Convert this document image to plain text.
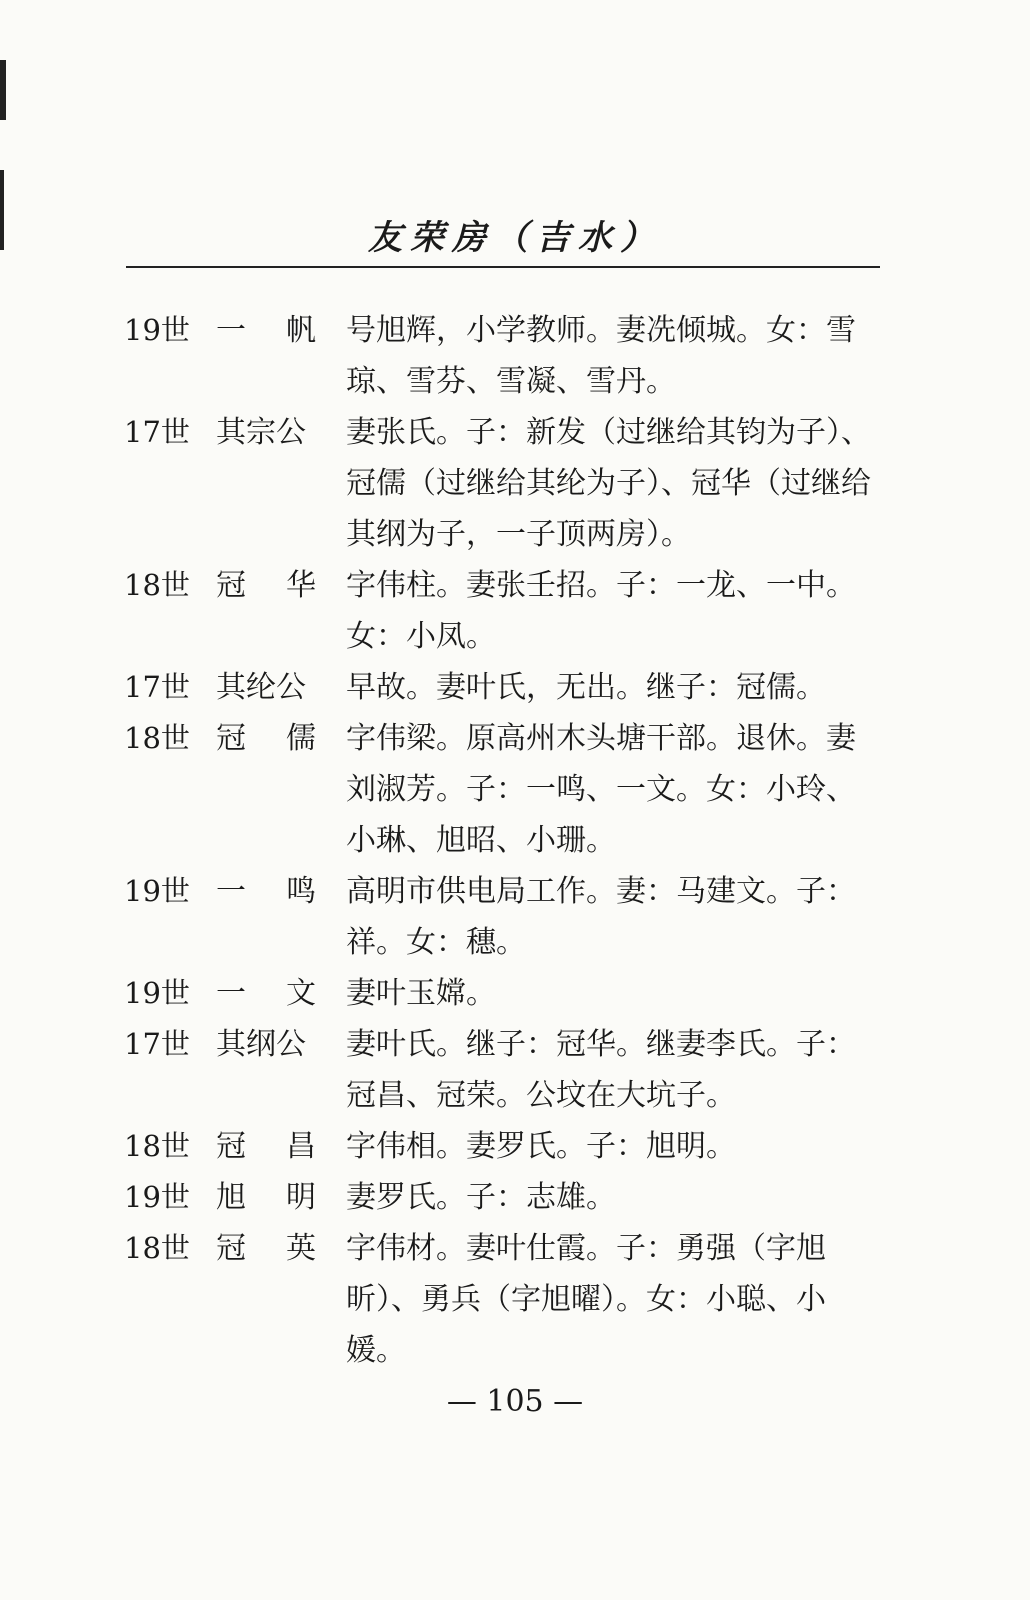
友荣房（吉水）
19世 一 帆 号旭辉，小学教师。妻冼倾城。女：雪琼、雪芬、雪凝、雪丹。
17世 其宗公 妻张氏。子：新发（过继给其钧为子）、冠儒（过继给其纶为子）、冠华（过继给其纲为子，一子顶两房）。
18世 冠 华 字伟柱。妻张壬招。子：一龙、一中。女：小凤。
17世 其纶公 早故。妻叶氏，无出。继子：冠儒。
18世 冠 儒 字伟梁。原高州木头塘干部。退休。妻刘淑芳。子：一鸣、一文。女：小玲、小琳、旭昭、小珊。
19世 一 鸣 高明市供电局工作。妻：马建文。子：祥。女：穗。
19世 一 文 妻叶玉嫦。
17世 其纲公 妻叶氏。继子：冠华。继妻李氏。子：冠昌、冠荣。公坟在大坑子。
18世 冠 昌 字伟相。妻罗氏。子：旭明。
19世 旭 明 妻罗氏。子：志雄。
18世 冠 英 字伟材。妻叶仕霞。子：勇强（字旭昕）、勇兵（字旭曜）。女：小聪、小媛。
— 105 —
